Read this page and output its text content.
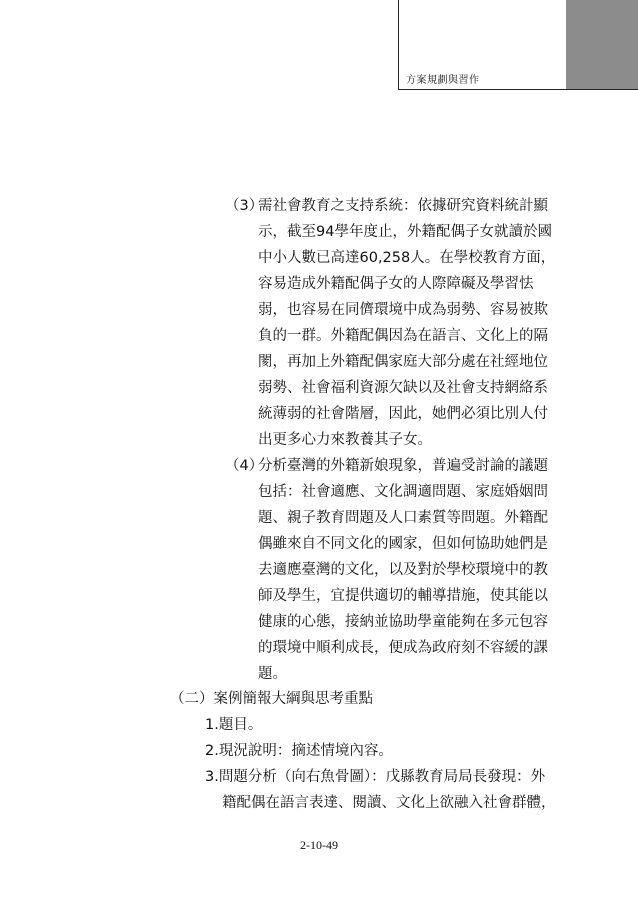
方案規劃與習作
（3）
需社會教育之支持系統：依據研究資料統計顯
示，截至94學年度止，外籍配偶子女就讀於國
中小人數已高達60,258人。在學校教育方面，
容易造成外籍配偶子女的人際障礙及學習怯
弱，也容易在同儕環境中成為弱勢、容易被欺
負的一群。外籍配偶因為在語言、文化上的隔
閡，再加上外籍配偶家庭大部分處在社經地位
弱勢、社會福利資源欠缺以及社會支持網絡系
統薄弱的社會階層，因此，她們必須比別人付
出更多心力來教養其子女。
（4）
分析臺灣的外籍新娘現象，普遍受討論的議題
包括：社會適應、文化調適問題、家庭婚姻問
題、親子教育問題及人口素質等問題。外籍配
偶雖來自不同文化的國家，但如何協助她們是
去適應臺灣的文化，以及對於學校環境中的教
師及學生，宜提供適切的輔導措施，使其能以
健康的心態，接納並協助學童能夠在多元包容
的環境中順利成長，便成為政府刻不容緩的課
題。
（二）案例簡報大綱與思考重點
1.題目。
2.現況說明：摘述情境內容。
3.問題分析（向右魚骨圖）：戊縣教育局局長發現：外
籍配偶在語言表達、閱讀、文化上欲融入社會群體，
2-10-49
